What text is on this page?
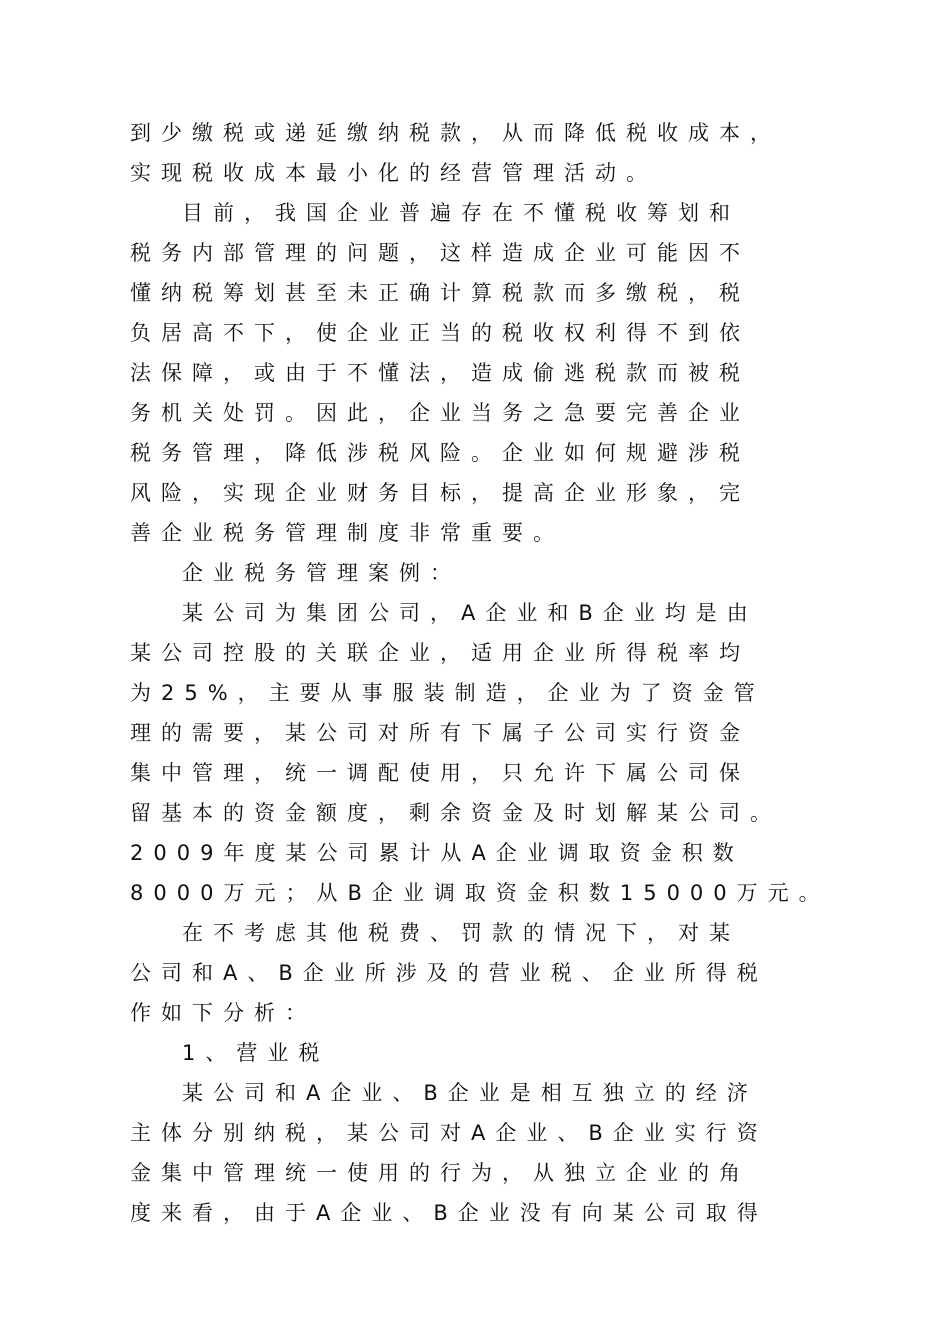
到少缴税或递延缴纳税款，从而降低税收成本，
实现税收成本最小化的经营管理活动。
目前，我国企业普遍存在不懂税收筹划和
税务内部管理的问题，这样造成企业可能因不
懂纳税筹划甚至未正确计算税款而多缴税，税
负居高不下，使企业正当的税收权利得不到依
法保障，或由于不懂法，造成偷逃税款而被税
务机关处罚。因此，企业当务之急要完善企业
税务管理，降低涉税风险。企业如何规避涉税
风险，实现企业财务目标，提高企业形象，完
善企业税务管理制度非常重要。
企业税务管理案例：
某公司为集团公司，A企业和B企业均是由
某公司控股的关联企业，适用企业所得税率均
为25%，主要从事服装制造，企业为了资金管
理的需要，某公司对所有下属子公司实行资金
集中管理，统一调配使用，只允许下属公司保
留基本的资金额度，剩余资金及时划解某公司。
2009年度某公司累计从A企业调取资金积数
8000万元；从B企业调取资金积数15000万元。
在不考虑其他税费、罚款的情况下，对某
公司和A、B企业所涉及的营业税、企业所得税
作如下分析：
1、营业税
某公司和A企业、B企业是相互独立的经济
主体分别纳税，某公司对A企业、B企业实行资
金集中管理统一使用的行为，从独立企业的角
度来看，由于A企业、B企业没有向某公司取得
